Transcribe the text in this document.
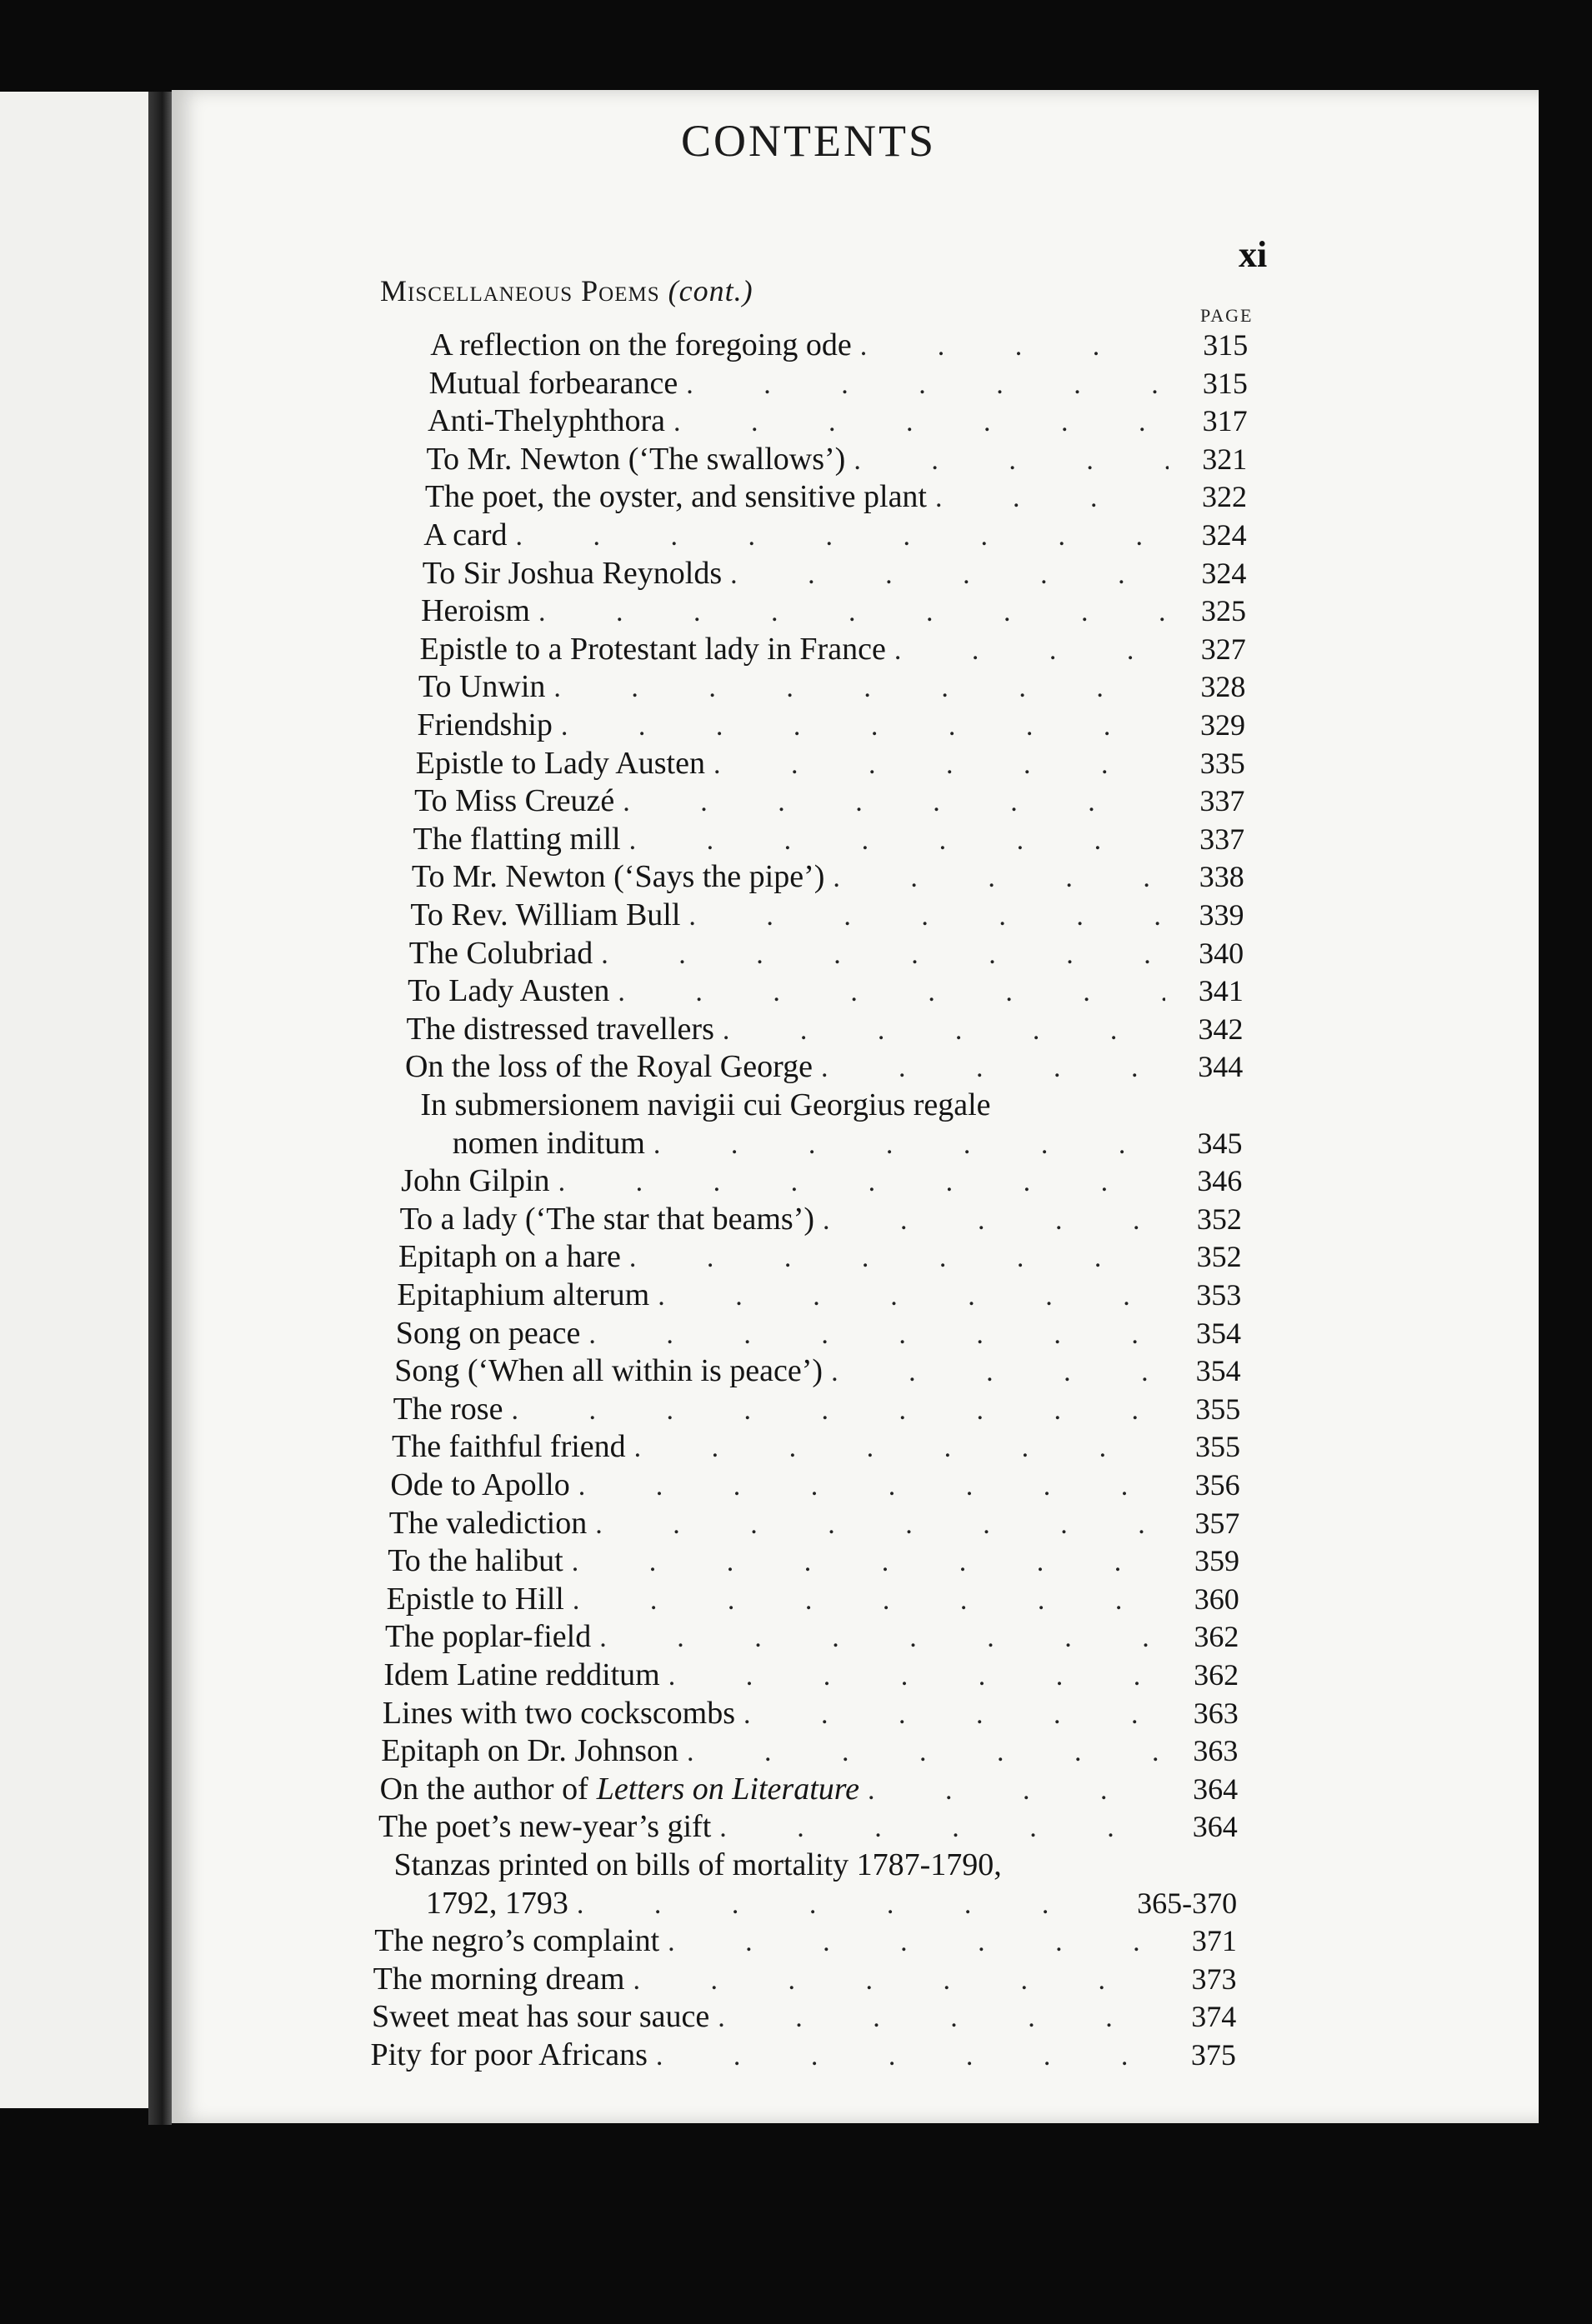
CONTENTS
xi
Miscellaneous Poems (cont.)
PAGE
A reflection on the foregoing ode . . .	315
Mutual forbearance . . .	315
Anti-Thelyphthora . . .	317
To Mr. Newton (‘The swallows’) . . .	321
The poet, the oyster, and sensitive plant . . .	322
A card . . .	324
To Sir Joshua Reynolds . . .	324
Heroism . . .	325
Epistle to a Protestant lady in France . . .	327
To Unwin . . .	328
Friendship . . .	329
Epistle to Lady Austen . . .	335
To Miss Creuzé . . .	337
The flatting mill . . .	337
To Mr. Newton (‘Says the pipe’) . . .	338
To Rev. William Bull . . .	339
The Colubriad . . .	340
To Lady Austen . . .	341
The distressed travellers . . .	342
On the loss of the Royal George . . .	344
In submersionem navigii cui Georgius regale
nomen inditum . . .	345
John Gilpin . . .	346
To a lady (‘The star that beams’) . . .	352
Epitaph on a hare . . .	352
Epitaphium alterum . . .	353
Song on peace . . .	354
Song (‘When all within is peace’) . . .	354
The rose . . .	355
The faithful friend . . .	355
Ode to Apollo . . .	356
The valediction . . .	357
To the halibut . . .	359
Epistle to Hill . . .	360
The poplar-field . . .	362
Idem Latine redditum . . .	362
Lines with two cockscombs . . .	363
Epitaph on Dr. Johnson . . .	363
On the author of Letters on Literature . . .	364
The poet’s new-year’s gift . . .	364
Stanzas printed on bills of mortality 1787-1790,
1792, 1793 . . .	365-370
The negro’s complaint . . .	371
The morning dream . . .	373
Sweet meat has sour sauce . . .	374
Pity for poor Africans . . .	375
